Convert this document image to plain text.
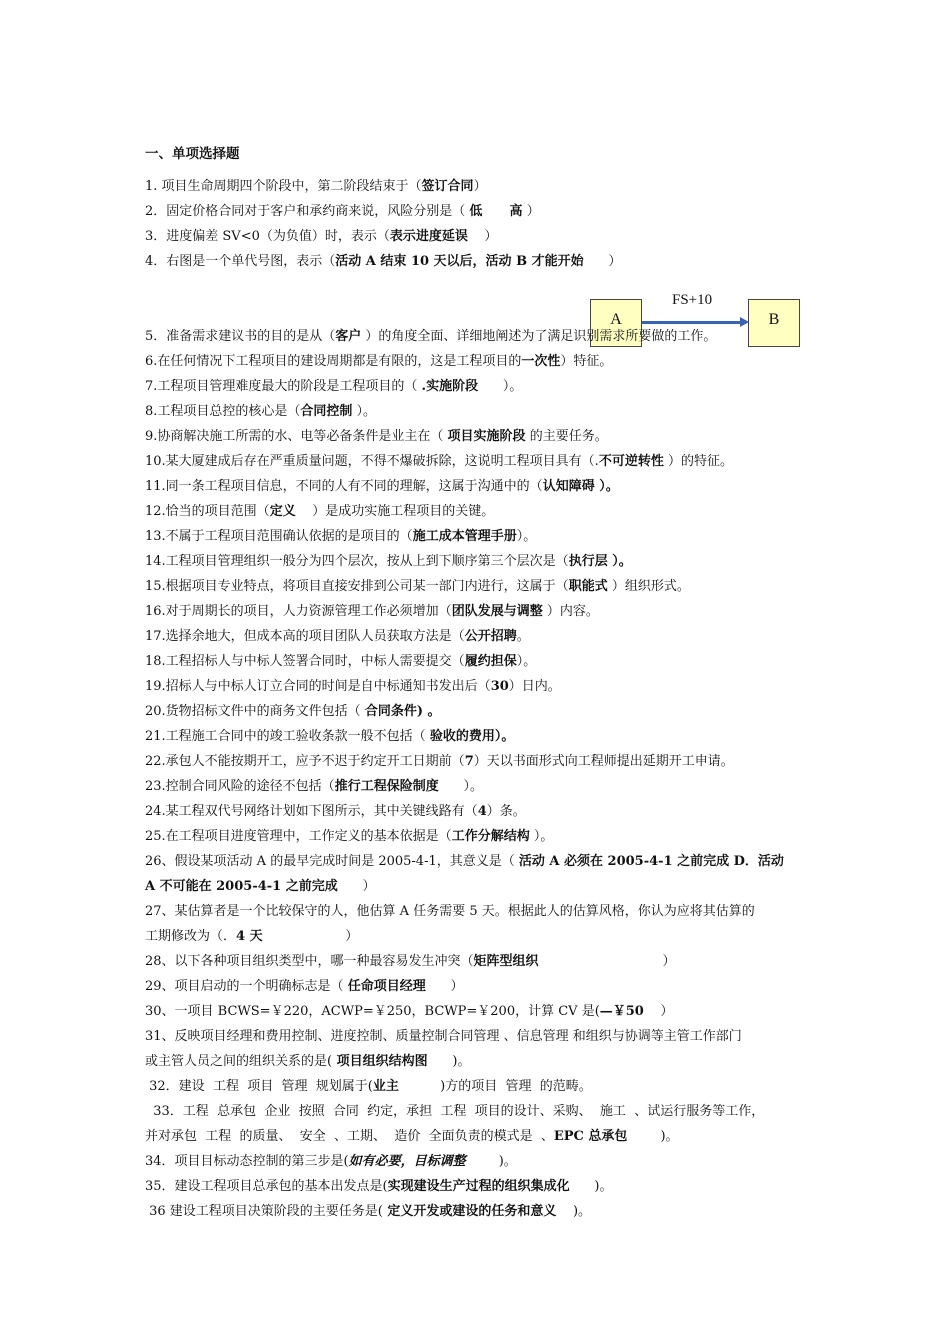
一、单项选择题
1. 项目生命周期四个阶段中，第二阶段结束于（签订合同）
2．固定价格合同对于客户和承约商来说，风险分别是（ 低      高 ）
3．进度偏差 SV<0（为负值）时，表示（表示进度延误    ）
4．右图是一个单代号图，表示（活动 A 结束 10 天以后，活动 B 才能开始      ）
FS+10
A	B
5．准备需求建议书的目的是从（客户 ）的角度全面、详细地阐述为了满足识别需求所要做的工作。
6.在任何情况下工程项目的建设周期都是有限的，这是工程项目的一次性）特征。
7.工程项目管理难度最大的阶段是工程项目的（ .实施阶段      ）。
8.工程项目总控的核心是（合同控制 ）。
9.协商解决施工所需的水、电等必备条件是业主在（ 项目实施阶段 的主要任务。
10.某大厦建成后存在严重质量问题，不得不爆破拆除，这说明工程项目具有（.不可逆转性 ）的特征。
11.同一条工程项目信息，不同的人有不同的理解，这属于沟通中的（认知障碍 ）。
12.恰当的项目范围（定义    ）是成功实施工程项目的关键。
13.不属于工程项目范围确认依据的是项目的（施工成本管理手册）。
14.工程项目管理组织一般分为四个层次，按从上到下顺序第三个层次是（执行层 ）。
15.根据项目专业特点，将项目直接安排到公司某一部门内进行，这属于（职能式 ）组织形式。
16.对于周期长的项目，人力资源管理工作必须增加（团队发展与调整 ）内容。
17.选择余地大，但成本高的项目团队人员获取方法是（公开招聘。
18.工程招标人与中标人签署合同时，中标人需要提交（履约担保）。
19.招标人与中标人订立合同的时间是自中标通知书发出后（30）日内。
20.货物招标文件中的商务文件包括（ 合同条件) 。
21.工程施工合同中的竣工验收条款一般不包括（ 验收的费用）。
22.承包人不能按期开工，应予不迟于约定开工日期前（7）天以书面形式向工程师提出延期开工申请。
23.控制合同风险的途径不包括（推行工程保险制度      ）。
24.某工程双代号网络计划如下图所示，其中关键线路有（4）条。
25.在工程项目进度管理中，工作定义的基本依据是（工作分解结构 ）。
26、假设某项活动 A 的最早完成时间是 2005-4-1，其意义是（ 活动 A 必须在 2005-4-1 之前完成 D．活动
A 不可能在 2005-4-1 之前完成      ）
27、某估算者是一个比较保守的人，他估算 A 任务需要 5 天。根据此人的估算风格，你认为应将其估算的
工期修改为（．4 天                    ）
28、以下各种项目组织类型中，哪一种最容易发生冲突（矩阵型组织                              ）
29、项目启动的一个明确标志是（ 任命项目经理      ）
30、一项目 BCWS=￥220，ACWP=￥250，BCWP=￥200，计算 CV 是(—￥50    ）
31、反映项目经理和费用控制、进度控制、质量控制合同管理 、信息管理 和组织与协调等主管工作部门
或主管人员之间的组织关系的是( 项目组织结构图      )。
32．建设  工程  项目  管理  规划属于(业主          )方的项目  管理  的范畴。
33．工程  总承包  企业  按照  合同  约定，承担  工程  项目的设计、采购、  施工  、试运行服务等工作，
并对承包  工程  的质量、  安全  、工期、  造价  全面负责的模式是  、EPC 总承包        )。
34．项目目标动态控制的第三步是(如有必要，目标调整        )。
35．建设工程项目总承包的基本出发点是(实现建设生产过程的组织集成化      )。
36 建设工程项目决策阶段的主要任务是( 定义开发或建设的任务和意义    )。
